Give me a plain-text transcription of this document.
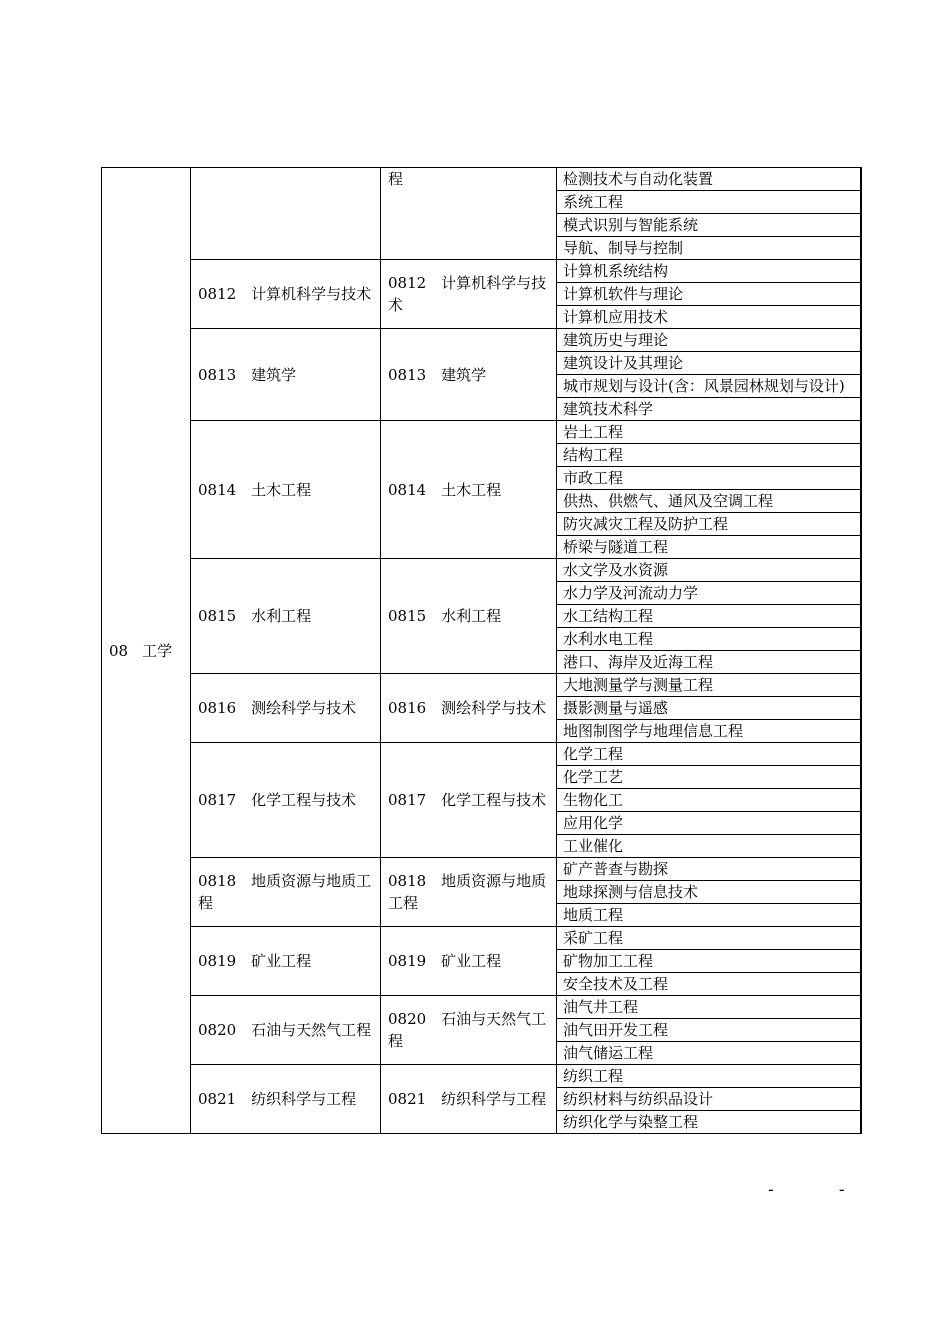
08 工学		程	检测技术与自动化装置
			系统工程
			模式识别与智能系统
			导航、制导与控制
	0812　计算机科学与技术	0812　计算机科学与技术	计算机系统结构
			计算机软件与理论
			计算机应用技术
	0813　建筑学	0813　建筑学	建筑历史与理论
			建筑设计及其理论
			城市规划与设计(含：风景园林规划与设计)
			建筑技术科学
	0814　土木工程	0814　土木工程	岩土工程
			结构工程
			市政工程
			供热、供燃气、通风及空调工程
			防灾减灾工程及防护工程
			桥梁与隧道工程
	0815　水利工程	0815　水利工程	水文学及水资源
			水力学及河流动力学
			水工结构工程
			水利水电工程
			港口、海岸及近海工程
	0816　测绘科学与技术	0816　测绘科学与技术	大地测量学与测量工程
			摄影测量与遥感
			地图制图学与地理信息工程
	0817　化学工程与技术	0817　化学工程与技术	化学工程
			化学工艺
			生物化工
			应用化学
			工业催化
	0818　地质资源与地质工程	0818　地质资源与地质工程	矿产普查与勘探
			地球探测与信息技术
			地质工程
	0819　矿业工程	0819　矿业工程	采矿工程
			矿物加工工程
			安全技术及工程
	0820　石油与天然气工程	0820　石油与天然气工程	油气井工程
			油气田开发工程
			油气储运工程
	0821　纺织科学与工程	0821　纺织科学与工程	纺织工程
			纺织材料与纺织品设计
			纺织化学与染整工程
- -
